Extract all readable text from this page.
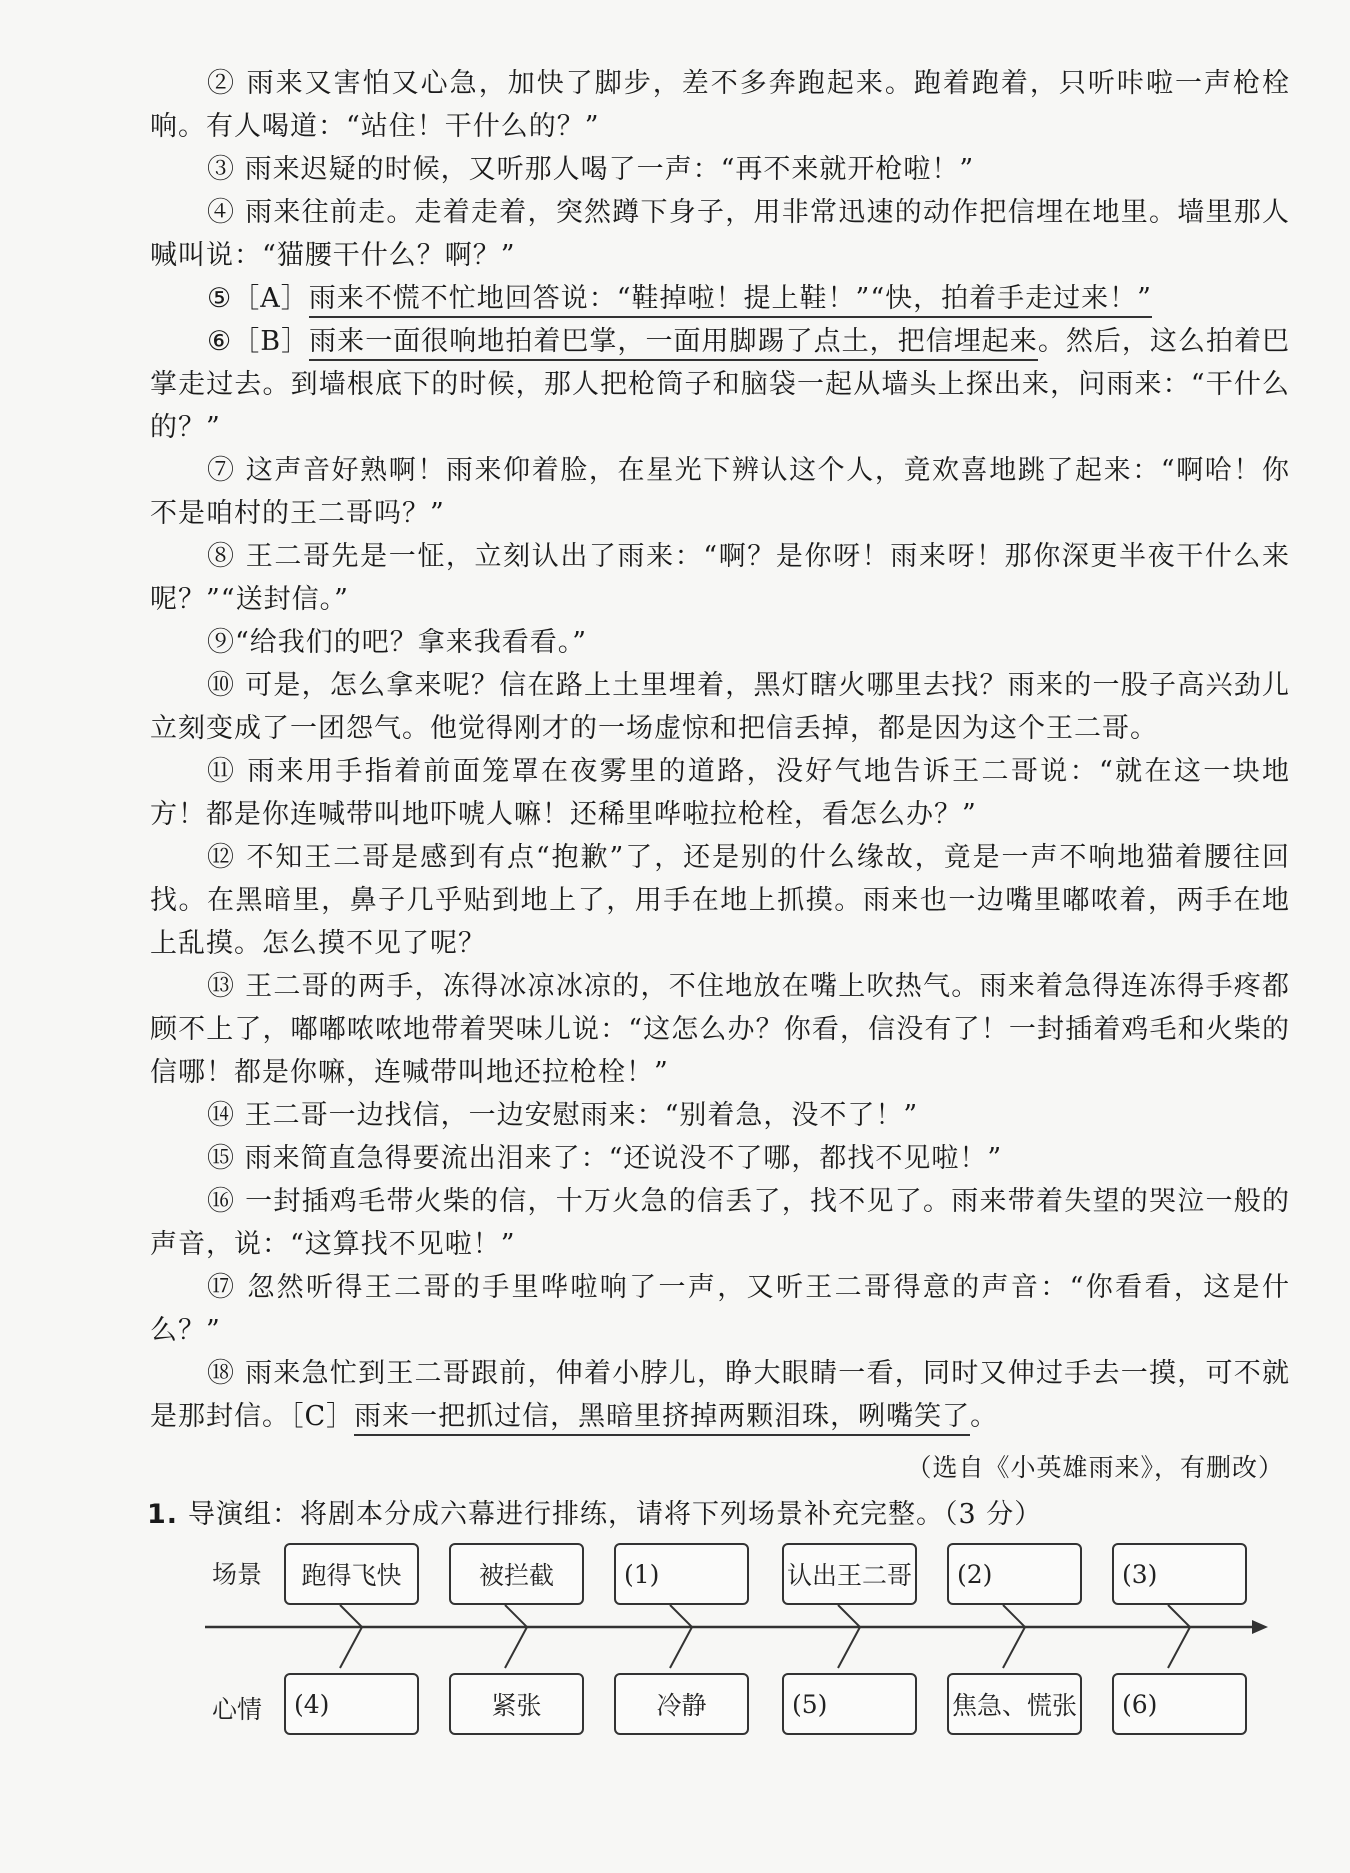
② 雨来又害怕又心急，加快了脚步，差不多奔跑起来。跑着跑着，只听咔啦一声枪栓响。有人喝道：“站住！干什么的？”

③ 雨来迟疑的时候，又听那人喝了一声：“再不来就开枪啦！”

④ 雨来往前走。走着走着，突然蹲下身子，用非常迅速的动作把信埋在地里。墙里那人喊叫说：“猫腰干什么？啊？”

⑤［A］雨来不慌不忙地回答说：“鞋掉啦！提上鞋！”“快，拍着手走过来！”

⑥［B］雨来一面很响地拍着巴掌，一面用脚踢了点土，把信埋起来。然后，这么拍着巴掌走过去。到墙根底下的时候，那人把枪筒子和脑袋一起从墙头上探出来，问雨来：“干什么的？”

⑦ 这声音好熟啊！雨来仰着脸，在星光下辨认这个人，竟欢喜地跳了起来：“啊哈！你不是咱村的王二哥吗？”

⑧ 王二哥先是一怔，立刻认出了雨来：“啊？是你呀！雨来呀！那你深更半夜干什么来呢？”“送封信。”

⑨“给我们的吧？拿来我看看。”

⑩ 可是，怎么拿来呢？信在路上土里埋着，黑灯瞎火哪里去找？雨来的一股子高兴劲儿立刻变成了一团怨气。他觉得刚才的一场虚惊和把信丢掉，都是因为这个王二哥。

⑪ 雨来用手指着前面笼罩在夜雾里的道路，没好气地告诉王二哥说：“就在这一块地方！都是你连喊带叫地吓唬人嘛！还稀里哗啦拉枪栓，看怎么办？”

⑫ 不知王二哥是感到有点“抱歉”了，还是别的什么缘故，竟是一声不响地猫着腰往回找。在黑暗里，鼻子几乎贴到地上了，用手在地上抓摸。雨来也一边嘴里嘟哝着，两手在地上乱摸。怎么摸不见了呢？

⑬ 王二哥的两手，冻得冰凉冰凉的，不住地放在嘴上吹热气。雨来着急得连冻得手疼都顾不上了，嘟嘟哝哝地带着哭味儿说：“这怎么办？你看，信没有了！一封插着鸡毛和火柴的信哪！都是你嘛，连喊带叫地还拉枪栓！”

⑭ 王二哥一边找信，一边安慰雨来：“别着急，没不了！”

⑮ 雨来简直急得要流出泪来了：“还说没不了哪，都找不见啦！”

⑯ 一封插鸡毛带火柴的信，十万火急的信丢了，找不见了。雨来带着失望的哭泣一般的声音，说：“这算找不见啦！”

⑰ 忽然听得王二哥的手里哗啦响了一声，又听王二哥得意的声音：“你看看，这是什么？”

⑱ 雨来急忙到王二哥跟前，伸着小脖儿，睁大眼睛一看，同时又伸过手去一摸，可不就是那封信。［C］雨来一把抓过信，黑暗里挤掉两颗泪珠，咧嘴笑了。

（选自《小英雄雨来》，有删改）
1. 导演组：将剧本分成六幕进行排练，请将下列场景补充完整。（3 分）
场景
心情
跑得飞快	被拦截	(1)	认出王二哥	(2)	(3)
(4)	紧张	冷静	(5)	焦急、慌张	(6)
